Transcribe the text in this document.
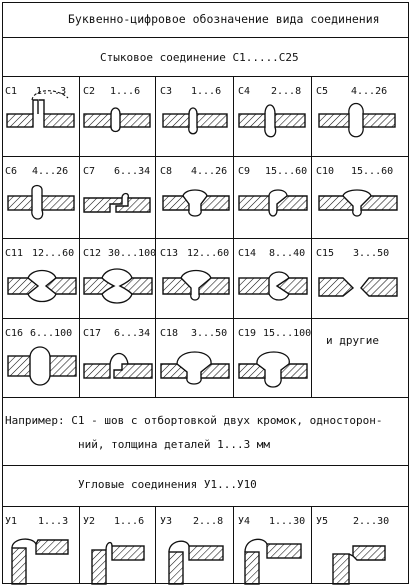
Буквенно-цифровое обозначение вида соединения
Стыковое соединение С1.....С25
С1 1...3 С2 1...6 С3 1...6 С4 2...8 С5 4...26
С6 4...26 С7 6...34 С8 4...26 С9 15...60 С10 15...60
С11 12...60 С12 30...100 С13 12...60 С14 8...40 С15 3...50
С16 6...100 С17 6...34 С18 3...50 С19 15...100
и другие
Например: С1 - шов с отбортовкой двух кромок, односторон-
ний, толщина деталей 1...3 мм
Угловые соединения У1...У10
У1 1...3 У2 1...6 У3 2...8 У4 1...30 У5 2...30
